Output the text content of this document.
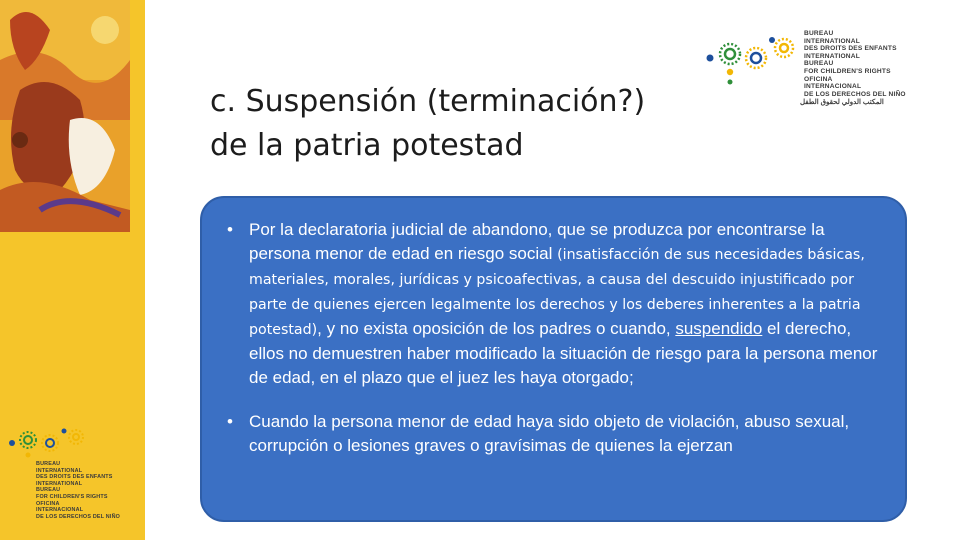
c. Suspensión (terminación?)
de la patria potestad
BUREAU
INTERNATIONAL
DES DROITS DES ENFANTS
INTERNATIONAL
BUREAU
FOR CHILDREN'S RIGHTS
OFICINA
INTERNACIONAL
DE LOS DERECHOS DEL NIÑO
المكتب الدولي لحقوق الطفل
BUREAU
INTERNATIONAL
DES DROITS DES ENFANTS
INTERNATIONAL
BUREAU
FOR CHILDREN'S RIGHTS
OFICINA
INTERNACIONAL
DE LOS DERECHOS DEL NIÑO
• Por la declaratoria judicial de abandono, que se produzca por encontrarse la persona menor de edad en riesgo social (insatisfacción de sus necesidades básicas, materiales, morales, jurídicas y psicoafectivas, a causa del descuido injustificado por parte de quienes ejercen legalmente los derechos y los deberes inherentes a la patria potestad), y no exista oposición de los padres o cuando, suspendido el derecho, ellos no demuestren haber modificado la situación de riesgo para la persona menor de edad, en el plazo que el juez les haya otorgado;
• Cuando la persona menor de edad haya sido objeto de violación, abuso sexual, corrupción o lesiones graves o gravísimas de quienes la ejerzan
